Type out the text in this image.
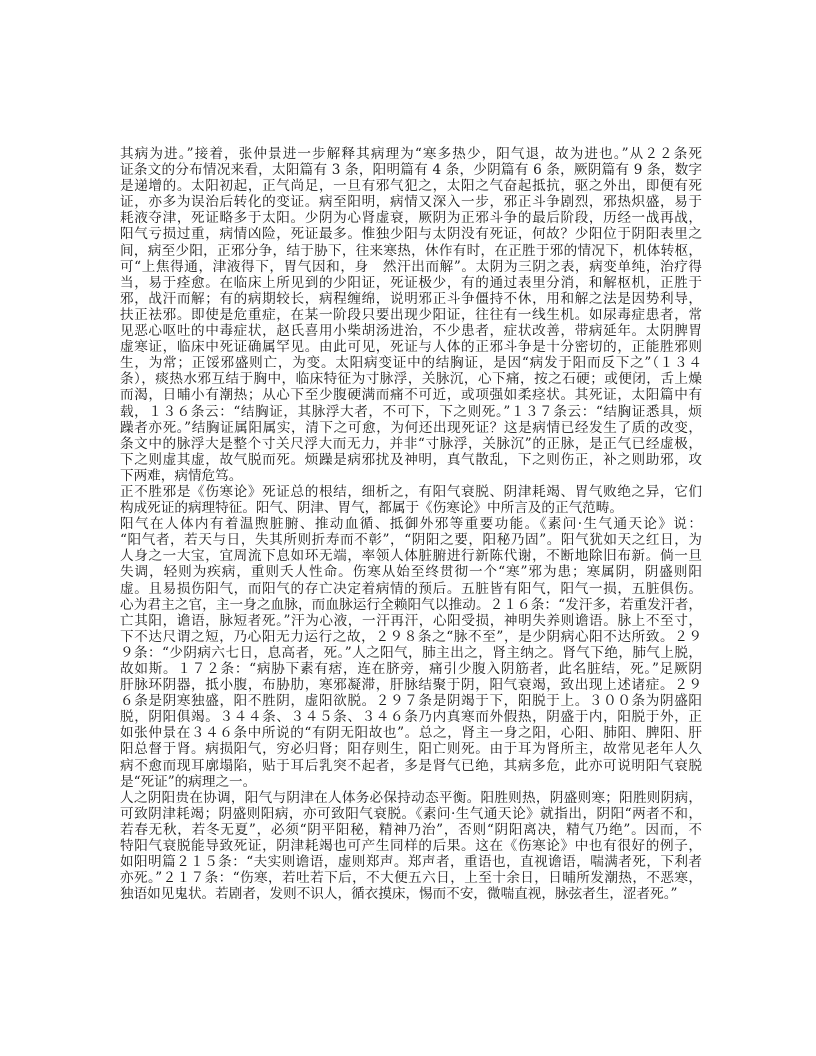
其病为进。”接着，张仲景进一步解释其病理为“寒多热少，阳气退，故为进也。”从２２条死
证条文的分布情况来看，太阳篇有 3 条，阳明篇有 4 条，少阴篇有 6 条，厥阴篇有 9 条，数字
是递增的。太阳初起，正气尚足，一旦有邪气犯之，太阳之气奋起抵抗，驱之外出，即便有死
证，亦多为误治后转化的变证。病至阳明，病情又深入一步，邪正斗争剧烈，邪热炽盛，易于
耗液夺津，死证略多于太阳。少阴为心肾虚衰，厥阴为正邪斗争的最后阶段，历经一战再战，
阳气亏损过重，病情凶险，死证最多。惟独少阳与太阴没有死证，何故？少阳位于阴阳表里之
间，病至少阳，正邪分争，结于胁下，往来寒热，休作有时，在正胜于邪的情况下，机体转枢，
可“上焦得通，津液得下，胃气因和，身　然汗出而解”。太阴为三阴之表，病变单纯，治疗得
当，易于痊愈。在临床上所见到的少阳证，死证极少，有的通过表里分消，和解枢机，正胜于
邪，战汗而解；有的病期较长，病程缠绵，说明邪正斗争僵持不休，用和解之法是因势利导，
扶正祛邪。即使是危重症，在某一阶段只要出现少阳证，往往有一线生机。如尿毒症患者，常
见恶心呕吐的中毒症状，赵氏喜用小柴胡汤进治，不少患者，症状改善，带病延年。太阴脾胃
虚寒证，临床中死证确属罕见。由此可见，死证与人体的正邪斗争是十分密切的，正能胜邪则
生，为常；正馁邪盛则亡，为变。太阳病变证中的结胸证，是因“病发于阳而反下之”（１３４
条），痰热水邪互结于胸中，临床特征为寸脉浮，关脉沉，心下痛，按之石硬；或便闭，舌上燥
而渴，日晡小有潮热；从心下至少腹硬满而痛不可近，或项强如柔痉状。其死证，太阳篇中有
载，１３６条云：“结胸证，其脉浮大者，不可下，下之则死。”１３７条云：“结胸证悉具，烦
躁者亦死。”结胸证属阳属实，清下之可愈，为何还出现死证？这是病情已经发生了质的改变，
条文中的脉浮大是整个寸关尺浮大而无力，并非“寸脉浮，关脉沉”的正脉，是正气已经虚极，
下之则虚其虚，故气脱而死。烦躁是病邪扰及神明，真气散乱，下之则伤正，补之则助邪，攻
下两难，病情危笃。
正不胜邪是《伤寒论》死证总的根结，细析之，有阳气衰脱、阴津耗竭、胃气败绝之异，它们
构成死证的病理特征。阳气、阴津、胃气，都属于《伤寒论》中所言及的正气范畴。
阳气在人体内有着温煦脏腑、推动血循、抵御外邪等重要功能。《素问·生气通天论》说：
“阳气者，若天与日，失其所则折寿而不彰”，“阴阳之要，阳秘乃固”。阳气犹如天之红日，为
人身之一大宝，宜周流下息如环无端，率领人体脏腑进行新陈代谢，不断地除旧布新。倘一旦
失调，轻则为疾病，重则夭人性命。伤寒从始至终贯彻一个“寒”邪为患；寒属阴，阴盛则阳
虚。且易损伤阳气，而阳气的存亡决定着病情的预后。五脏皆有阳气，阳气一损，五脏俱伤。
心为君主之官，主一身之血脉，而血脉运行全赖阳气以推动。２１６条：“发汗多，若重发汗者，
亡其阳，谵语，脉短者死。”汗为心液，一汗再汗，心阳受损，神明失养则谵语。脉上不至寸，
下不达尺谓之短，乃心阳无力运行之故，２９８条之“脉不至”，是少阴病心阳不达所致。２９
９条：“少阴病六七日，息高者，死。”人之阳气，肺主出之，肾主纳之。肾气下绝，肺气上脱，
故如斯。１７２条：“病胁下素有痞，连在脐旁，痛引少腹入阴筋者，此名脏结，死。”足厥阴
肝脉环阴器，抵小腹，布胁肋，寒邪凝滞，肝脉结聚于阴，阳气衰竭，致出现上述诸症。２９
６条是阴寒独盛，阳不胜阴，虚阳欲脱。２９７条是阴竭于下，阳脱于上。３００条为阴盛阳
脱，阴阳俱竭。３４４条、３４５条、３４６条乃内真寒而外假热，阴盛于内，阳脱于外，正
如张仲景在３４６条中所说的“有阴无阳故也”。总之，肾主一身之阳，心阳、肺阳、脾阳、肝
阳总督于肾。病损阳气，穷必归肾；阳存则生，阳亡则死。由于耳为肾所主，故常见老年人久
病不愈而现耳廓塌陷，贴于耳后乳突不起者，多是肾气已绝，其病多危，此亦可说明阳气衰脱
是“死证”的病理之一。
人之阴阳贵在协调，阳气与阴津在人体务必保持动态平衡。阳胜则热，阴盛则寒；阳胜则阴病，
可致阴津耗竭；阴盛则阳病，亦可致阳气衰脱。《素问·生气通天论》就指出，阴阳“两者不和，
若春无秋，若冬无夏”，必须“阴平阳秘，精神乃治”，否则“阴阳离决，精气乃绝”。因而，不
特阳气衰脱能导致死证，阴津耗竭也可产生同样的后果。这在《伤寒论》中也有很好的例子，
如阳明篇２１５条：“夫实则谵语，虚则郑声。郑声者，重语也，直视谵语，喘满者死，下利者
亦死。”２１７条：“伤寒，若吐若下后，不大便五六日，上至十余日，日晡所发潮热，不恶寒，
独语如见鬼状。若剧者，发则不识人，循衣摸床，惕而不安，微喘直视，脉弦者生，涩者死。”
